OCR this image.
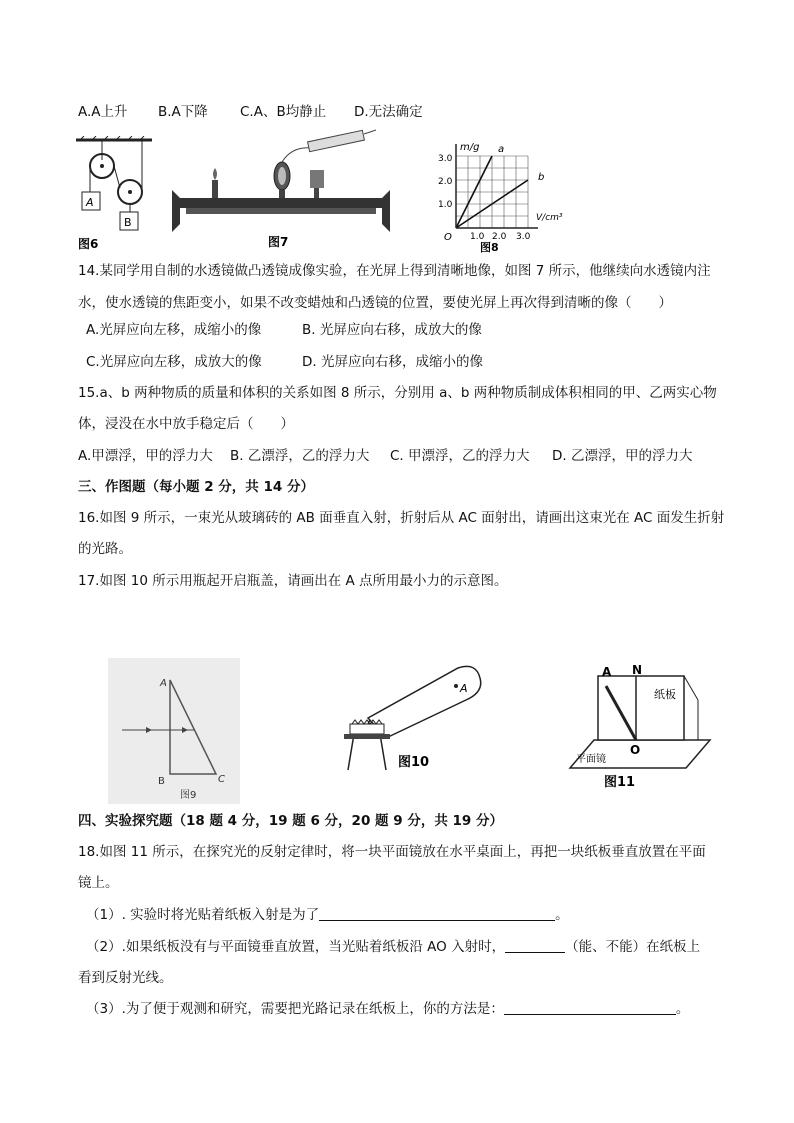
A.A上升 B.A下降 C.A、B均静止 D.无法确定
A
B
图6	图7
m/g
V/cm³
O
3.0
2.0
1.0
1.0 2.0 3.0
a
b
图8
14.某同学用自制的水透镜做凸透镜成像实验，在光屏上得到清晰地像，如图 7 所示，他继续向水透镜内注
水，使水透镜的焦距变小，如果不改变蜡烛和凸透镜的位置，要使光屏上再次得到清晰的像（　　）
A.光屏应向左移，成缩小的像	B. 光屏应向右移，成放大的像
C.光屏应向左移，成放大的像	D. 光屏应向右移，成缩小的像
15.a、b 两种物质的质量和体积的关系如图 8 所示，分别用 a、b 两种物质制成体积相同的甲、乙两实心物
体，浸没在水中放手稳定后（　　）
A.甲漂浮，甲的浮力大 B. 乙漂浮，乙的浮力大 C. 甲漂浮，乙的浮力大 D. 乙漂浮，甲的浮力大
三、作图题（每小题 2 分，共 14 分）
16.如图 9 所示，一束光从玻璃砖的 AB 面垂直入射，折射后从 AC 面射出，请画出这束光在 AC 面发生折射
的光路。
17.如图 10 所示用瓶起开启瓶盖，请画出在 A 点所用最小力的示意图。
A
B	C
图9
A
图10
A N
O
纸板
平面镜
图11
四、实验探究题（18 题 4 分，19 题 6 分，20 题 9 分，共 19 分）
18.如图 11 所示，在探究光的反射定律时，将一块平面镜放在水平桌面上，再把一块纸板垂直放置在平面
镜上。
（1）. 实验时将光贴着纸板入射是为了	。
（2）.如果纸板没有与平面镜垂直放置，当光贴着纸板沿 AO 入射时，	（能、不能）在纸板上
看到反射光线。
（3）.为了便于观测和研究，需要把光路记录在纸板上，你的方法是：	。
